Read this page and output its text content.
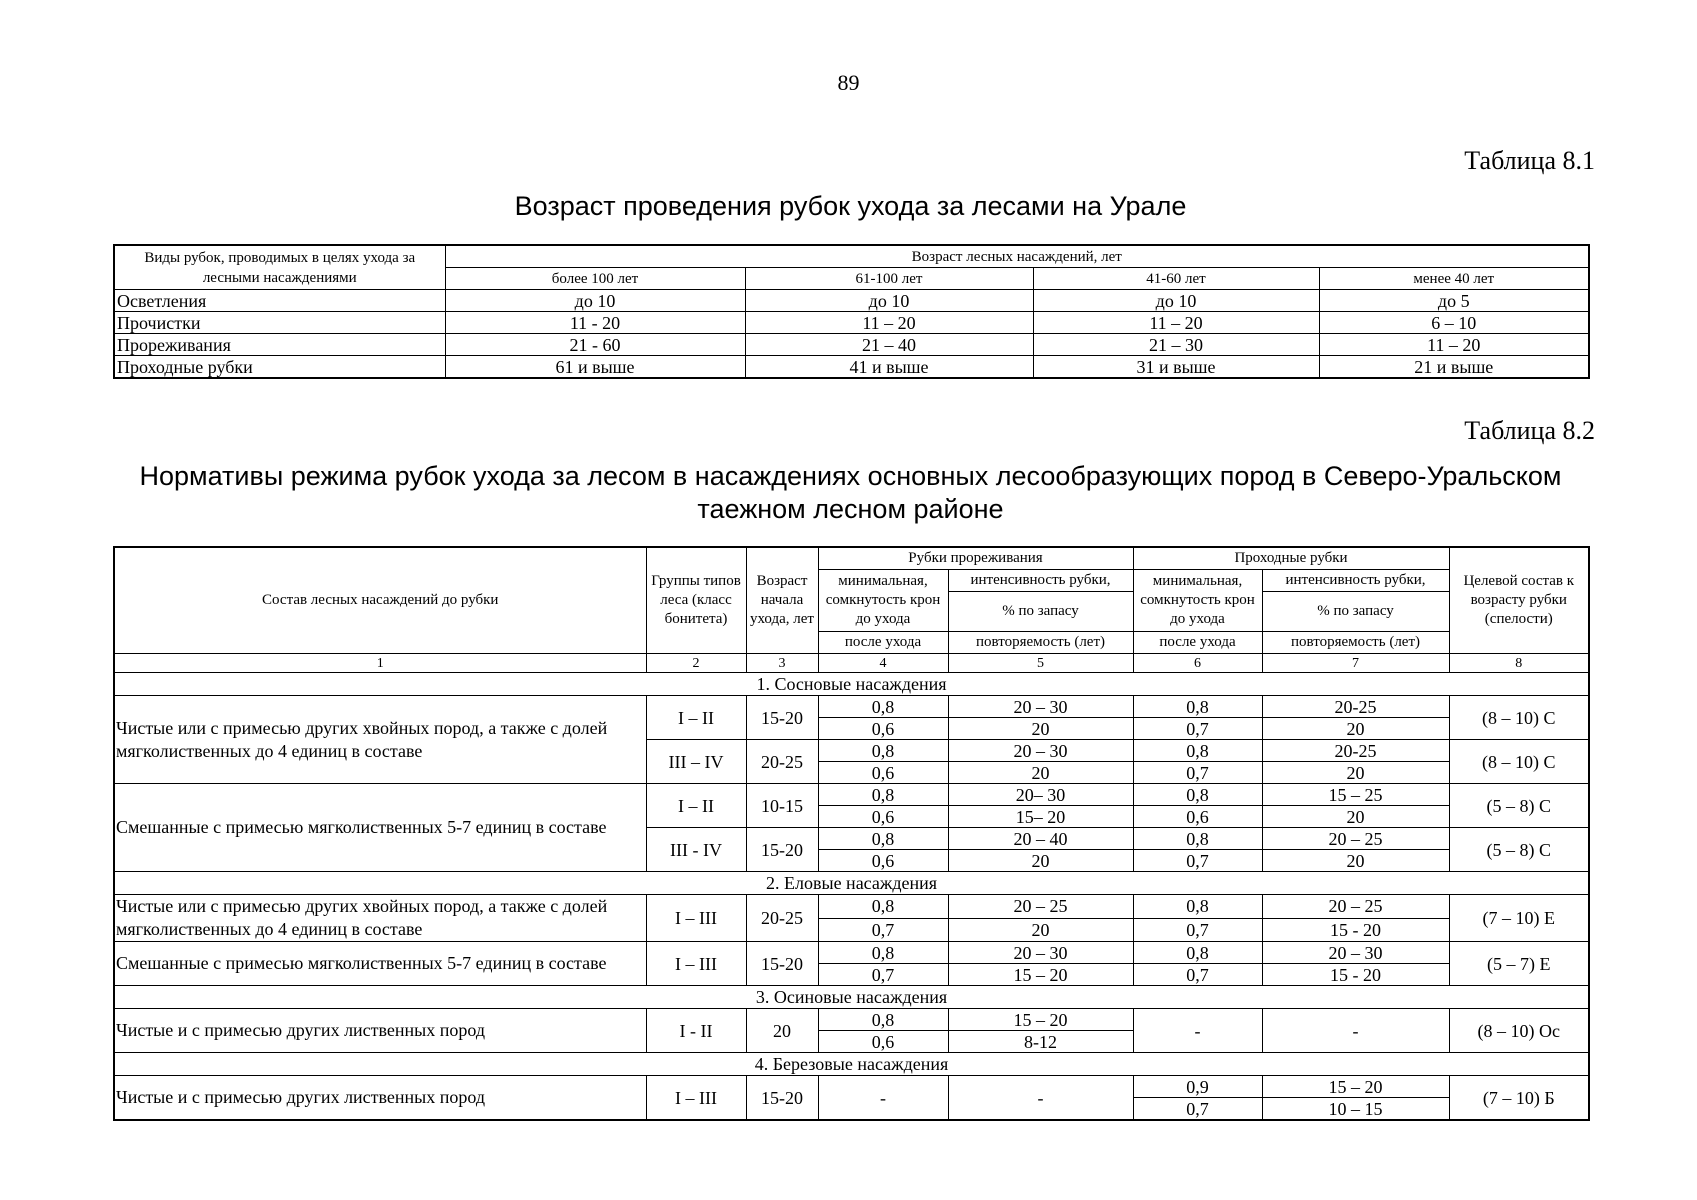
89
Таблица 8.1
Возраст проведения рубок ухода за лесами на Урале
Виды рубок, проводимых в целях ухода за лесными насаждениями	Возраст лесных насаждений, лет			
	более 100 лет	61-100 лет	41-60 лет	менее 40 лет
Осветления	до 10	до 10	до 10	до 5
Прочистки	11 - 20	11 – 20	11 – 20	6 – 10
Прореживания	21 - 60	21 – 40	21 – 30	11 – 20
Проходные рубки	61 и выше	41 и выше	31 и выше	21 и выше
Таблица 8.2
Нормативы режима рубок ухода за лесом в насаждениях основных лесообразующих пород в Северо-Уральском таежном лесном районе
Состав лесных насаждений до рубки	Группы типов леса (класс бонитета)	Возраст начала ухода, лет	Рубки прореживания		Проходные рубки		Целевой состав к возрасту рубки (спелости)
			минимальная, сомкнутость крон до ухода	интенсивность рубки,	минимальная, сомкнутость крон до ухода	интенсивность рубки,	
				% по запасу		% по запасу	
			после ухода	повторяемость (лет)	после ухода	повторяемость (лет)	
1	2	3	4	5	6	7	8
1. Сосновые насаждения							
Чистые или с примесью других хвойных пород, а также с долей мягколиственных до 4 единиц в составе	I – II	15-20	0,8	20 – 30	0,8	20-25	(8 – 10) С
			0,6	20	0,7	20	
	III – IV	20-25	0,8	20 – 30	0,8	20-25	(8 – 10) С
			0,6	20	0,7	20	
Смешанные с примесью мягколиственных 5-7 единиц в составе	I – II	10-15	0,8	20– 30	0,8	15 – 25	(5 – 8) С
			0,6	15– 20	0,6	20	
	III - IV	15-20	0,8	20 – 40	0,8	20 – 25	(5 – 8) С
			0,6	20	0,7	20	
2. Еловые насаждения							
Чистые или с примесью других хвойных пород, а также с долей мягколиственных до 4 единиц в составе	I – III	20-25	0,8	20 – 25	0,8	20 – 25	(7 – 10) Е
			0,7	20	0,7	15 - 20	
Смешанные с примесью мягколиственных 5-7 единиц в составе	I – III	15-20	0,8	20 – 30	0,8	20 – 30	(5 – 7) Е
			0,7	15 – 20	0,7	15 - 20	
3. Осиновые насаждения							
Чистые и с примесью других лиственных пород	I - II	20	0,8	15 – 20	-	-	(8 – 10) Ос
			0,6	8-12			
4. Березовые насаждения							
Чистые и с примесью других лиственных пород	I – III	15-20	-	-	0,9	15 – 20	(7 – 10) Б
					0,7	10 – 15	
